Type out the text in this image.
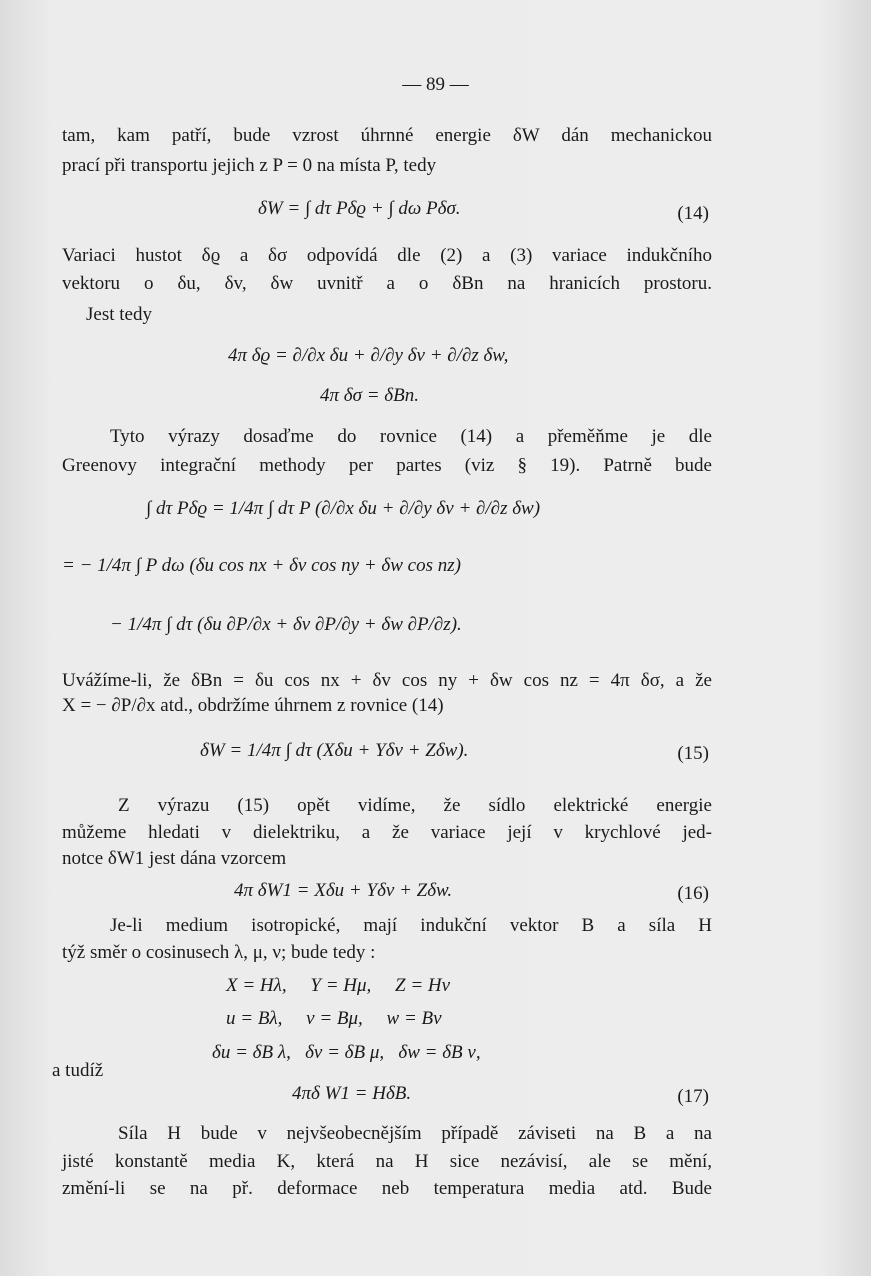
— 89 —
tam, kam patří, bude vzrost úhrnné energie δW dán mechanickou
prací při transportu jejich z P = 0 na místa P, tedy
δW = ∫ dτ Pδϱ + ∫ dω Pδσ.	(14)
Variaci hustot δϱ a δσ odpovídá dle (2) a (3) variace indukčního
vektoru o δu, δv, δw uvnitř a o δBn na hranicích prostoru.
Jest tedy
4π δϱ = ∂/∂x δu + ∂/∂y δv + ∂/∂z δw,
4π δσ = δBn.
Tyto výrazy dosaďme do rovnice (14) a přeměňme je dle
Greenovy integrační methody per partes (viz § 19). Patrně bude
∫ dτ Pδϱ = 1/4π ∫ dτ P (∂/∂x δu + ∂/∂y δv + ∂/∂z δw)
= − 1/4π ∫ P dω (δu cos nx + δv cos ny + δw cos nz)
− 1/4π ∫ dτ (δu ∂P/∂x + δv ∂P/∂y + δw ∂P/∂z).
Uvážíme-li, že δBn = δu cos nx + δv cos ny + δw cos nz = 4π δσ, a že
X = − ∂P/∂x atd., obdržíme úhrnem z rovnice (14)
δW = 1/4π ∫ dτ (Xδu + Yδv + Zδw).	(15)
Z výrazu (15) opět vidíme, že sídlo elektrické energie
můžeme hledati v dielektriku, a že variace její v krychlové jed-
notce δW1 jest dána vzorcem
4π δW1 = Xδu + Yδv + Zδw.	(16)
Je-li medium isotropické, mají indukční vektor B a síla H
týž směr o cosinusech λ, μ, ν; bude tedy :
X = Hλ,     Y = Hμ,     Z = Hν
u = Bλ,     v = Bμ,     w = Bν
δu = δB λ,   δv = δB μ,   δw = δB ν,
a tudíž
4πδ W1 = HδB.	(17)
Síla H bude v nejvšeobecnějším případě záviseti na B a na
jisté konstantě media K, která na H sice nezávisí, ale se mění,
změní-li se na př. deformace neb temperatura media atd. Bude
